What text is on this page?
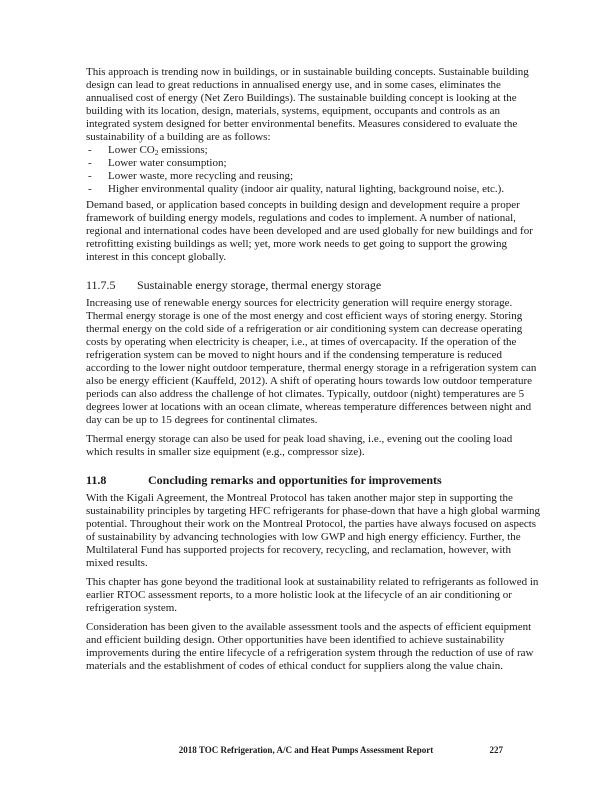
This approach is trending now in buildings, or in sustainable building concepts. Sustainable building design can lead to great reductions in annualised energy use, and in some cases, eliminates the annualised cost of energy (Net Zero Buildings). The sustainable building concept is looking at the building with its location, design, materials, systems, equipment, occupants and controls as an integrated system designed for better environmental benefits. Measures considered to evaluate the sustainability of a building are as follows:

- Lower $CO_2$ emissions;
- Lower water consumption;
- Lower waste, more recycling and reusing;
- Higher environmental quality (indoor air quality, natural lighting, background noise, etc.).

Demand based, or application based concepts in building design and development require a proper framework of building energy models, regulations and codes to implement. A number of national, regional and international codes have been developed and are used globally for new buildings and for retrofitting existing buildings as well; yet, more work needs to get going to support the growing interest in this concept globally.

11.7.5 Sustainable energy storage, thermal energy storage

Increasing use of renewable energy sources for electricity generation will require energy storage. Thermal energy storage is one of the most energy and cost efficient ways of storing energy. Storing thermal energy on the cold side of a refrigeration or air conditioning system can decrease operating costs by operating when electricity is cheaper, i.e., at times of overcapacity. If the operation of the refrigeration system can be moved to night hours and if the condensing temperature is reduced according to the lower night outdoor temperature, thermal energy storage in a refrigeration system can also be energy efficient (Kauffeld, 2012). A shift of operating hours towards low outdoor temperature periods can also address the challenge of hot climates. Typically, outdoor (night) temperatures are 5 degrees lower at locations with an ocean climate, whereas temperature differences between night and day can be up to 15 degrees for continental climates.

Thermal energy storage can also be used for peak load shaving, i.e., evening out the cooling load which results in smaller size equipment (e.g., compressor size).

11.8	Concluding remarks and opportunities for improvements

With the Kigali Agreement, the Montreal Protocol has taken another major step in supporting the sustainability principles by targeting HFC refrigerants for phase-down that have a high global warming potential. Throughout their work on the Montreal Protocol, the parties have always focused on aspects of sustainability by advancing technologies with low GWP and high energy efficiency. Further, the Multilateral Fund has supported projects for recovery, recycling, and reclamation, however, with mixed results.

This chapter has gone beyond the traditional look at sustainability related to refrigerants as followed in earlier RTOC assessment reports, to a more holistic look at the lifecycle of an air conditioning or refrigeration system.

Consideration has been given to the available assessment tools and the aspects of efficient equipment and efficient building design. Other opportunities have been identified to achieve sustainability improvements during the entire lifecycle of a refrigeration system through the reduction of use of raw materials and the establishment of codes of ethical conduct for suppliers along the value chain.

2018 TOC Refrigeration, A/C and Heat Pumps Assessment Report	227
